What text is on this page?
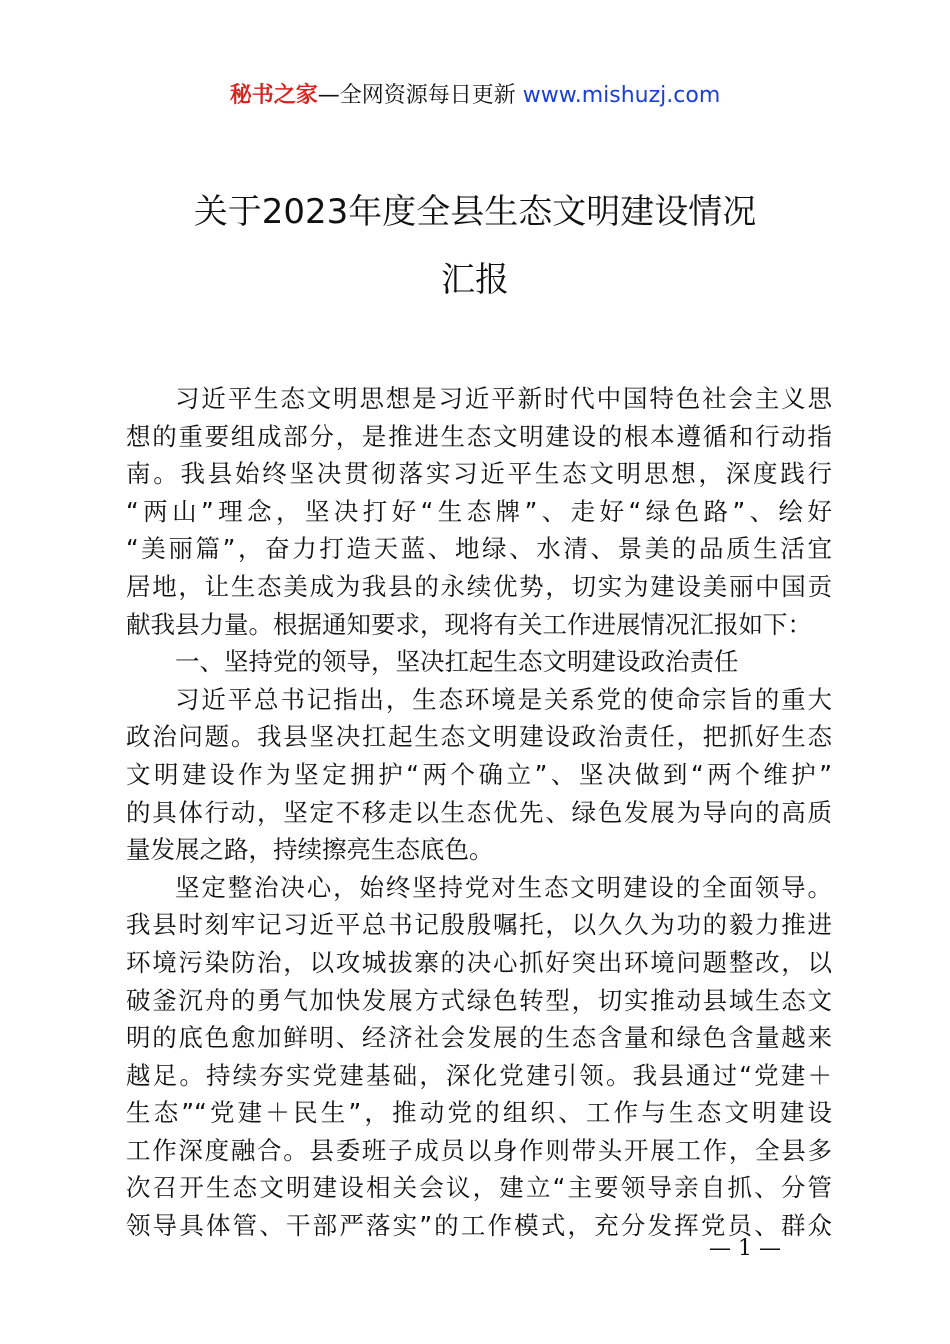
秘书之家—全网资源每日更新 www.mishuzj.com
关于2023年度全县生态文明建设情况
汇报
习近平生态文明思想是习近平新时代中国特色社会主义思
想的重要组成部分，是推进生态文明建设的根本遵循和行动指
南。我县始终坚决贯彻落实习近平生态文明思想，深度践行
“两山”理念，坚决打好“生态牌”、走好“绿色路”、绘好
“美丽篇”，奋力打造天蓝、地绿、水清、景美的品质生活宜
居地，让生态美成为我县的永续优势，切实为建设美丽中国贡
献我县力量。根据通知要求，现将有关工作进展情况汇报如下：
一、坚持党的领导，坚决扛起生态文明建设政治责任
习近平总书记指出，生态环境是关系党的使命宗旨的重大
政治问题。我县坚决扛起生态文明建设政治责任，把抓好生态
文明建设作为坚定拥护“两个确立”、坚决做到“两个维护”
的具体行动，坚定不移走以生态优先、绿色发展为导向的高质
量发展之路，持续擦亮生态底色。
坚定整治决心，始终坚持党对生态文明建设的全面领导。
我县时刻牢记习近平总书记殷殷嘱托，以久久为功的毅力推进
环境污染防治，以攻城拔寨的决心抓好突出环境问题整改，以
破釜沉舟的勇气加快发展方式绿色转型，切实推动县域生态文
明的底色愈加鲜明、经济社会发展的生态含量和绿色含量越来
越足。持续夯实党建基础，深化党建引领。我县通过“党建＋
生态”“党建＋民生”，推动党的组织、工作与生态文明建设
工作深度融合。县委班子成员以身作则带头开展工作，全县多
次召开生态文明建设相关会议，建立“主要领导亲自抓、分管
领导具体管、干部严落实”的工作模式，充分发挥党员、群众
— 1 —
